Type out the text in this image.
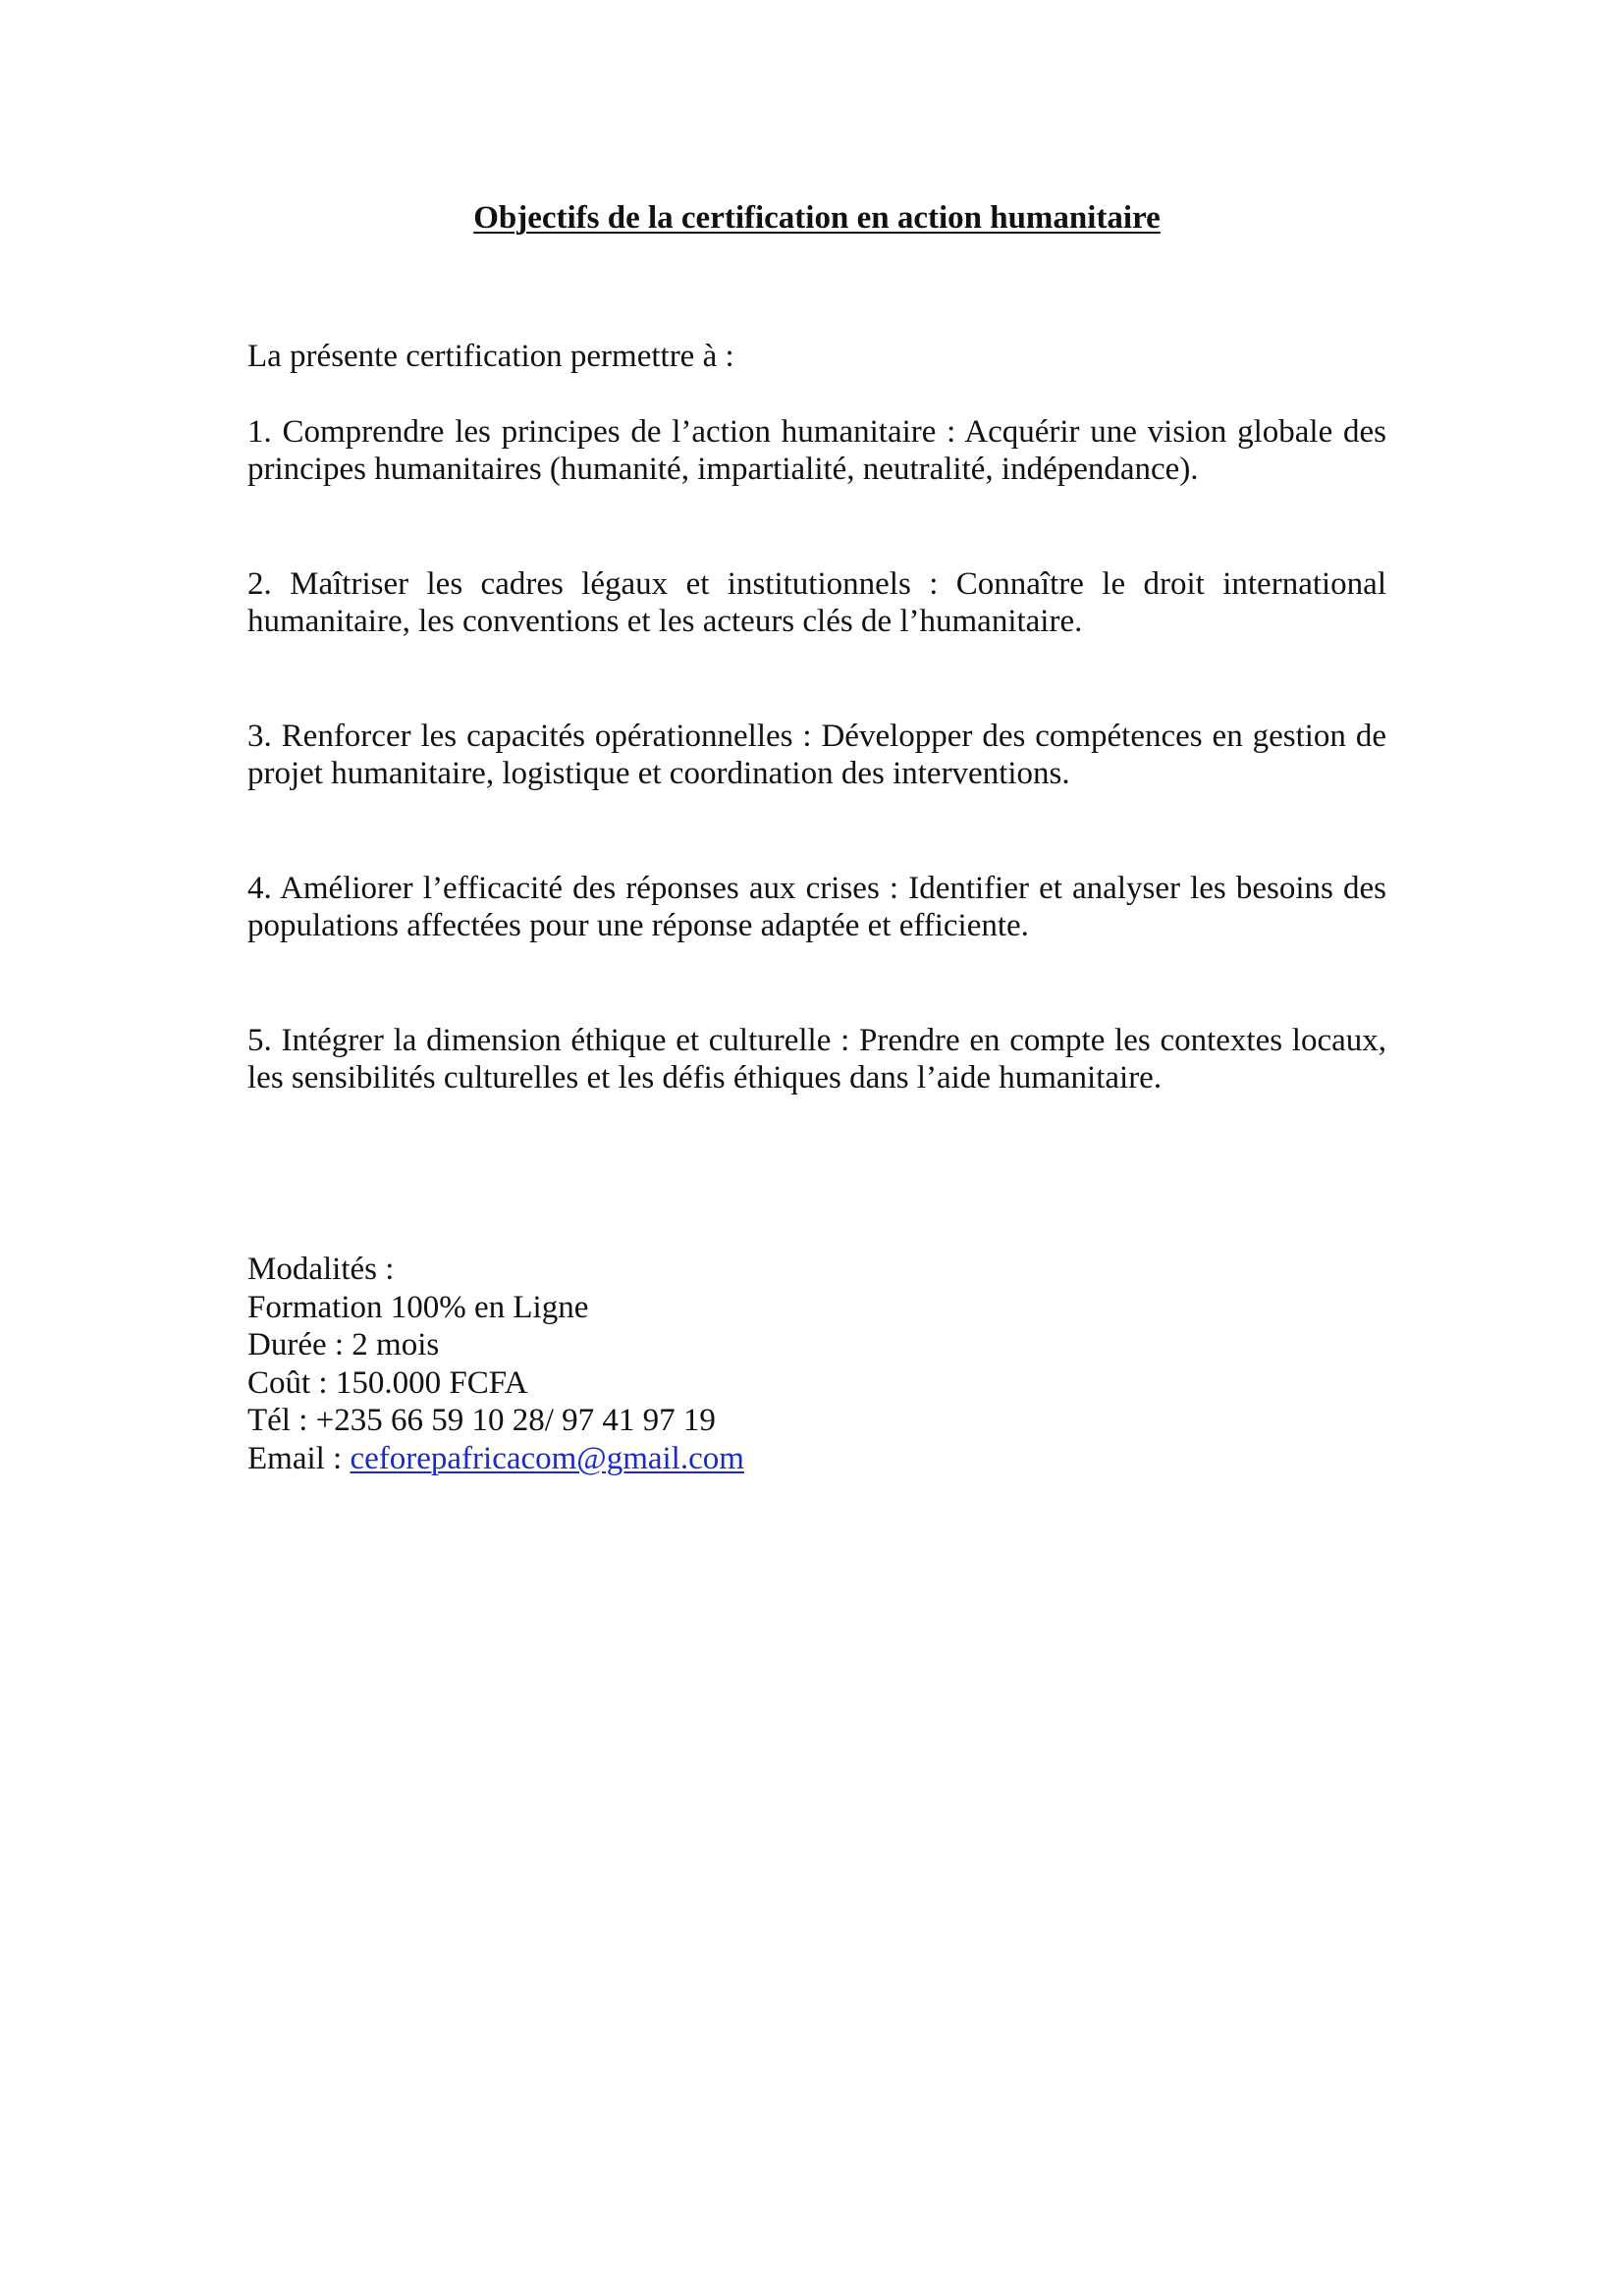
Objectifs de la certification en action humanitaire

La présente certification permettre à :

1. Comprendre les principes de l’action humanitaire : Acquérir une vision globale des principes humanitaires (humanité, impartialité, neutralité, indépendance).

2. Maîtriser les cadres légaux et institutionnels : Connaître le droit international humanitaire, les conventions et les acteurs clés de l’humanitaire.

3. Renforcer les capacités opérationnelles : Développer des compétences en gestion de projet humanitaire, logistique et coordination des interventions.

4. Améliorer l’efficacité des réponses aux crises : Identifier et analyser les besoins des populations affectées pour une réponse adaptée et efficiente.

5. Intégrer la dimension éthique et culturelle : Prendre en compte les contextes locaux, les sensibilités culturelles et les défis éthiques dans l’aide humanitaire.

Modalités :
Formation 100% en Ligne
Durée : 2 mois
Coût : 150.000 FCFA
Tél : +235 66 59 10 28/ 97 41 97 19
Email : ceforepafricacom@gmail.com
